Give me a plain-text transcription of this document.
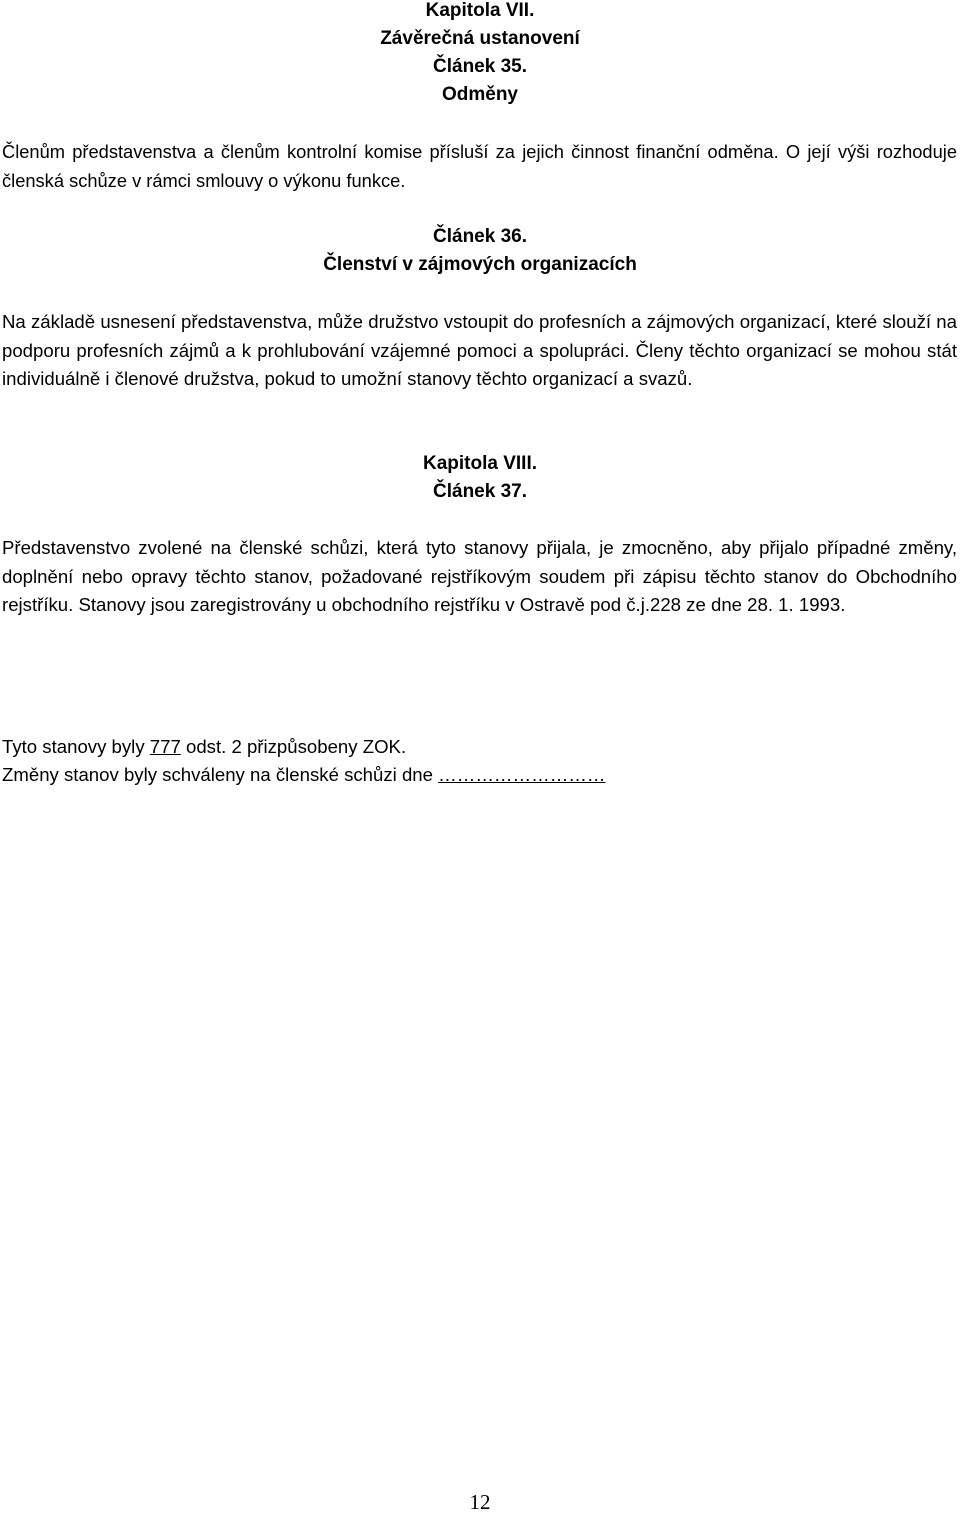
Kapitola VII.
Závěrečná ustanovení
Článek 35.
Odměny
Členům představenstva a členům kontrolní komise přísluší za jejich činnost finanční odměna. O její výši rozhoduje členská schůze v rámci smlouvy o výkonu funkce.
Článek 36.
Členství v zájmových organizacích
Na základě usnesení představenstva, může družstvo vstoupit do profesních a zájmových organizací, které slouží na podporu profesních zájmů a k prohlubování vzájemné pomoci a spolupráci. Členy těchto organizací se mohou stát individuálně i členové družstva, pokud to umožní stanovy těchto organizací a svazů.
Kapitola VIII.
Článek 37.
Představenstvo zvolené na členské schůzi, která tyto stanovy přijala, je zmocněno, aby přijalo případné změny, doplnění nebo opravy těchto stanov, požadované rejstříkovým soudem při zápisu těchto stanov do Obchodního rejstříku. Stanovy jsou zaregistrovány u obchodního rejstříku v Ostravě pod č.j.228 ze dne 28. 1. 1993.
Tyto stanovy byly 777 odst. 2 přizpůsobeny ZOK.
Změny stanov byly schváleny na členské schůzi dne ………………………
12
